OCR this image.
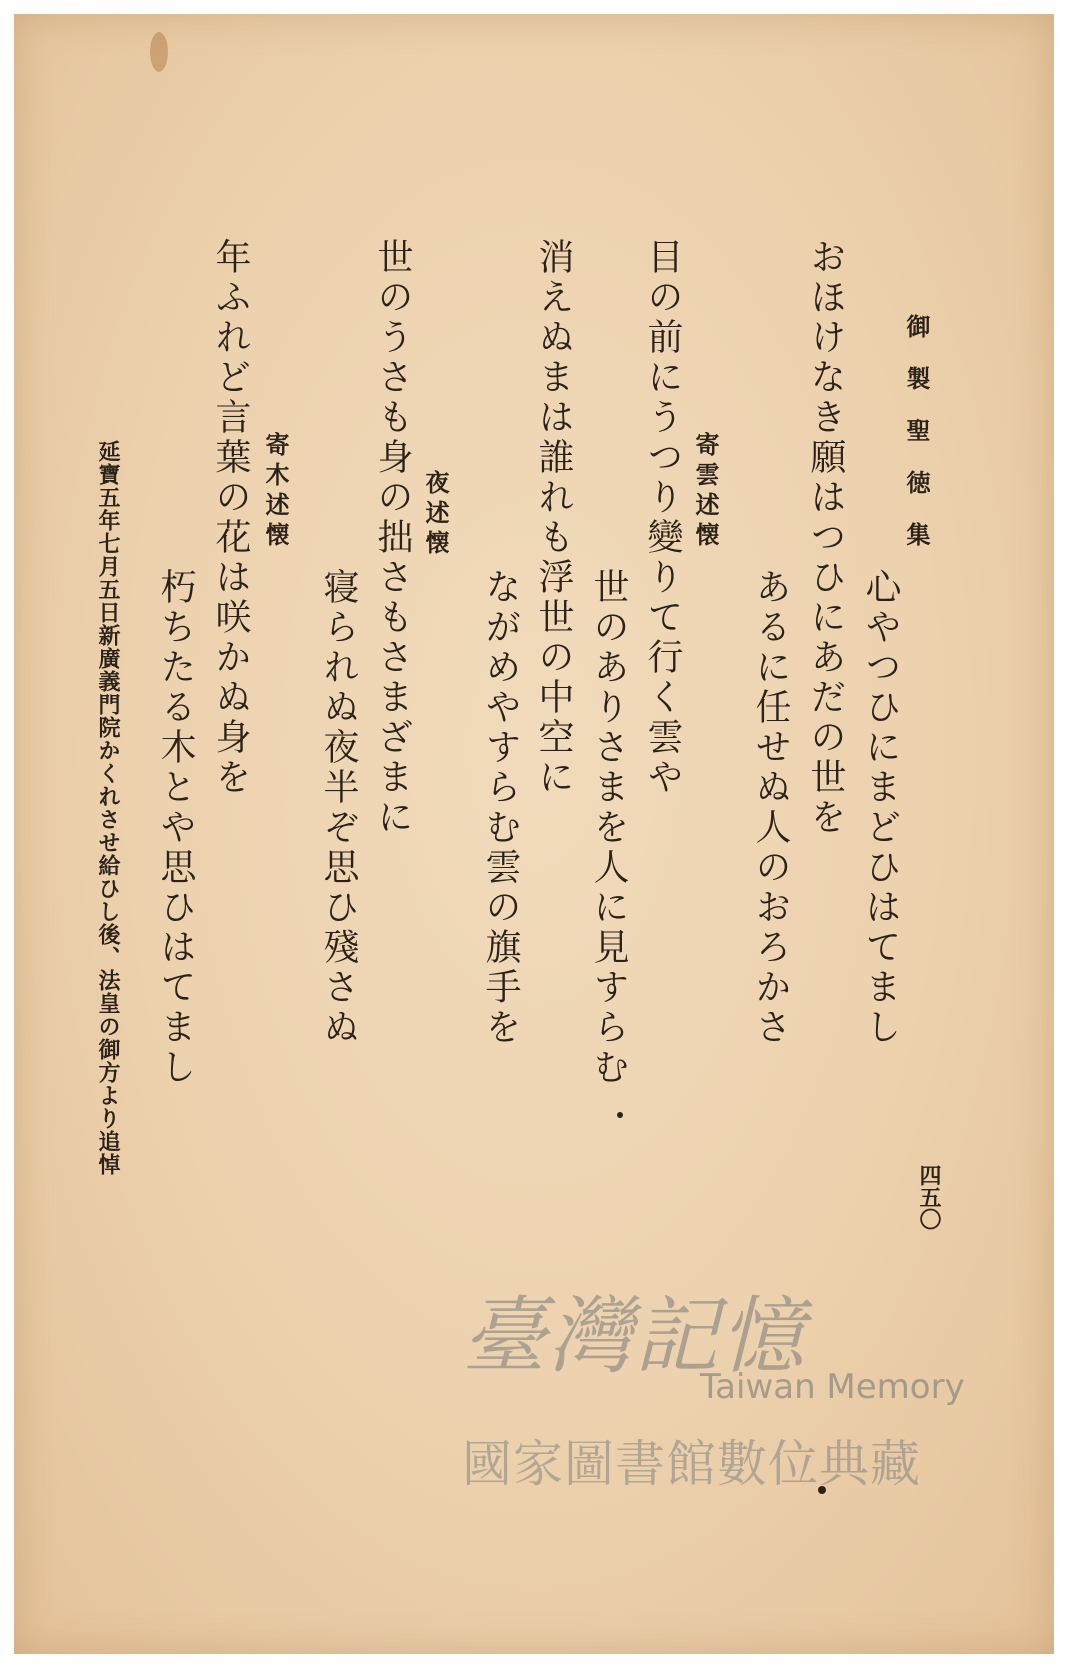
御製聖徳集
四五〇
心やつひにまどひはてまし
おほけなき願はつひにあだの世を
あるに任せぬ人のおろかさ
寄雲述懐
目の前にうつり變りて行く雲や
世のありさまを人に見すらむ
消えぬまは誰れも浮世の中空に
ながめやすらむ雲の旗手を
夜述懐
世のうさも身の拙さもさまざまに
寝られぬ夜半ぞ思ひ殘さぬ
寄木述懐
年ふれど言葉の花は咲かぬ身を
朽ちたる木とや思ひはてまし
延寶五年七月五日新廣義門院かくれさせ給ひし後、法皇の御方より追悼
臺灣記憶
Taiwan Memory
國家圖書館數位典藏
